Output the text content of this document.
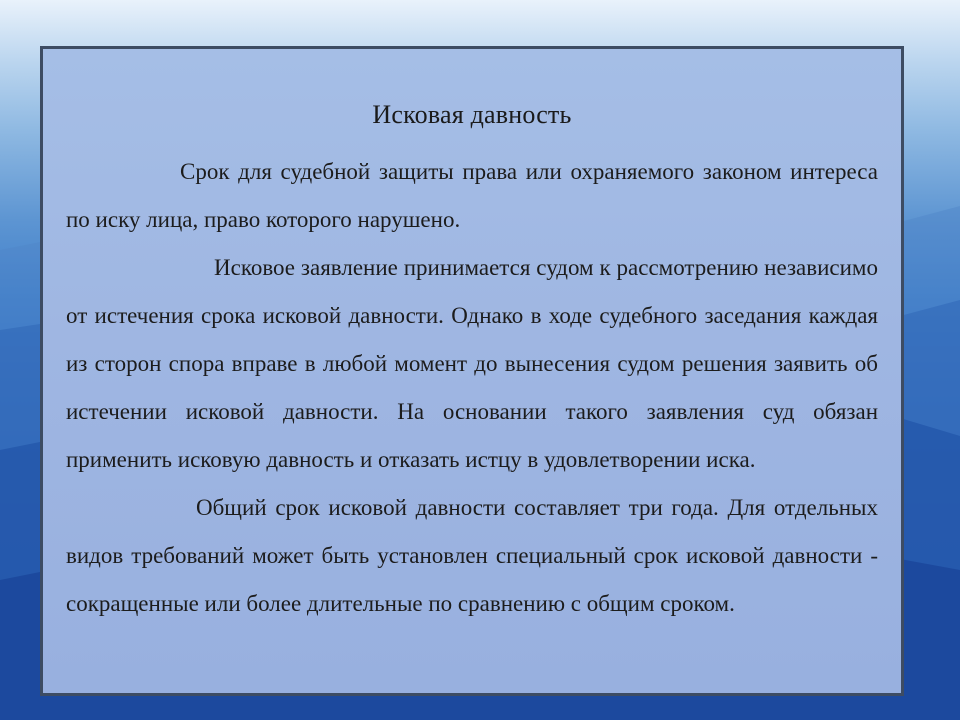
Исковая давность

Срок для судебной защиты права или охраняемого законом интереса по иску лица, право которого нарушено.

Исковое заявление принимается судом к рассмотрению независимо от истечения срока исковой давности. Однако в ходе судебного заседания каждая из сторон спора вправе в любой момент до вынесения судом решения заявить об истечении исковой давности. На основании такого заявления суд обязан применить исковую давность и отказать истцу в удовлетворении иска.

Общий срок исковой давности составляет три года. Для отдельных видов требований может быть установлен специальный срок исковой давности - сокращенные или более длительные по сравнению с общим сроком.
